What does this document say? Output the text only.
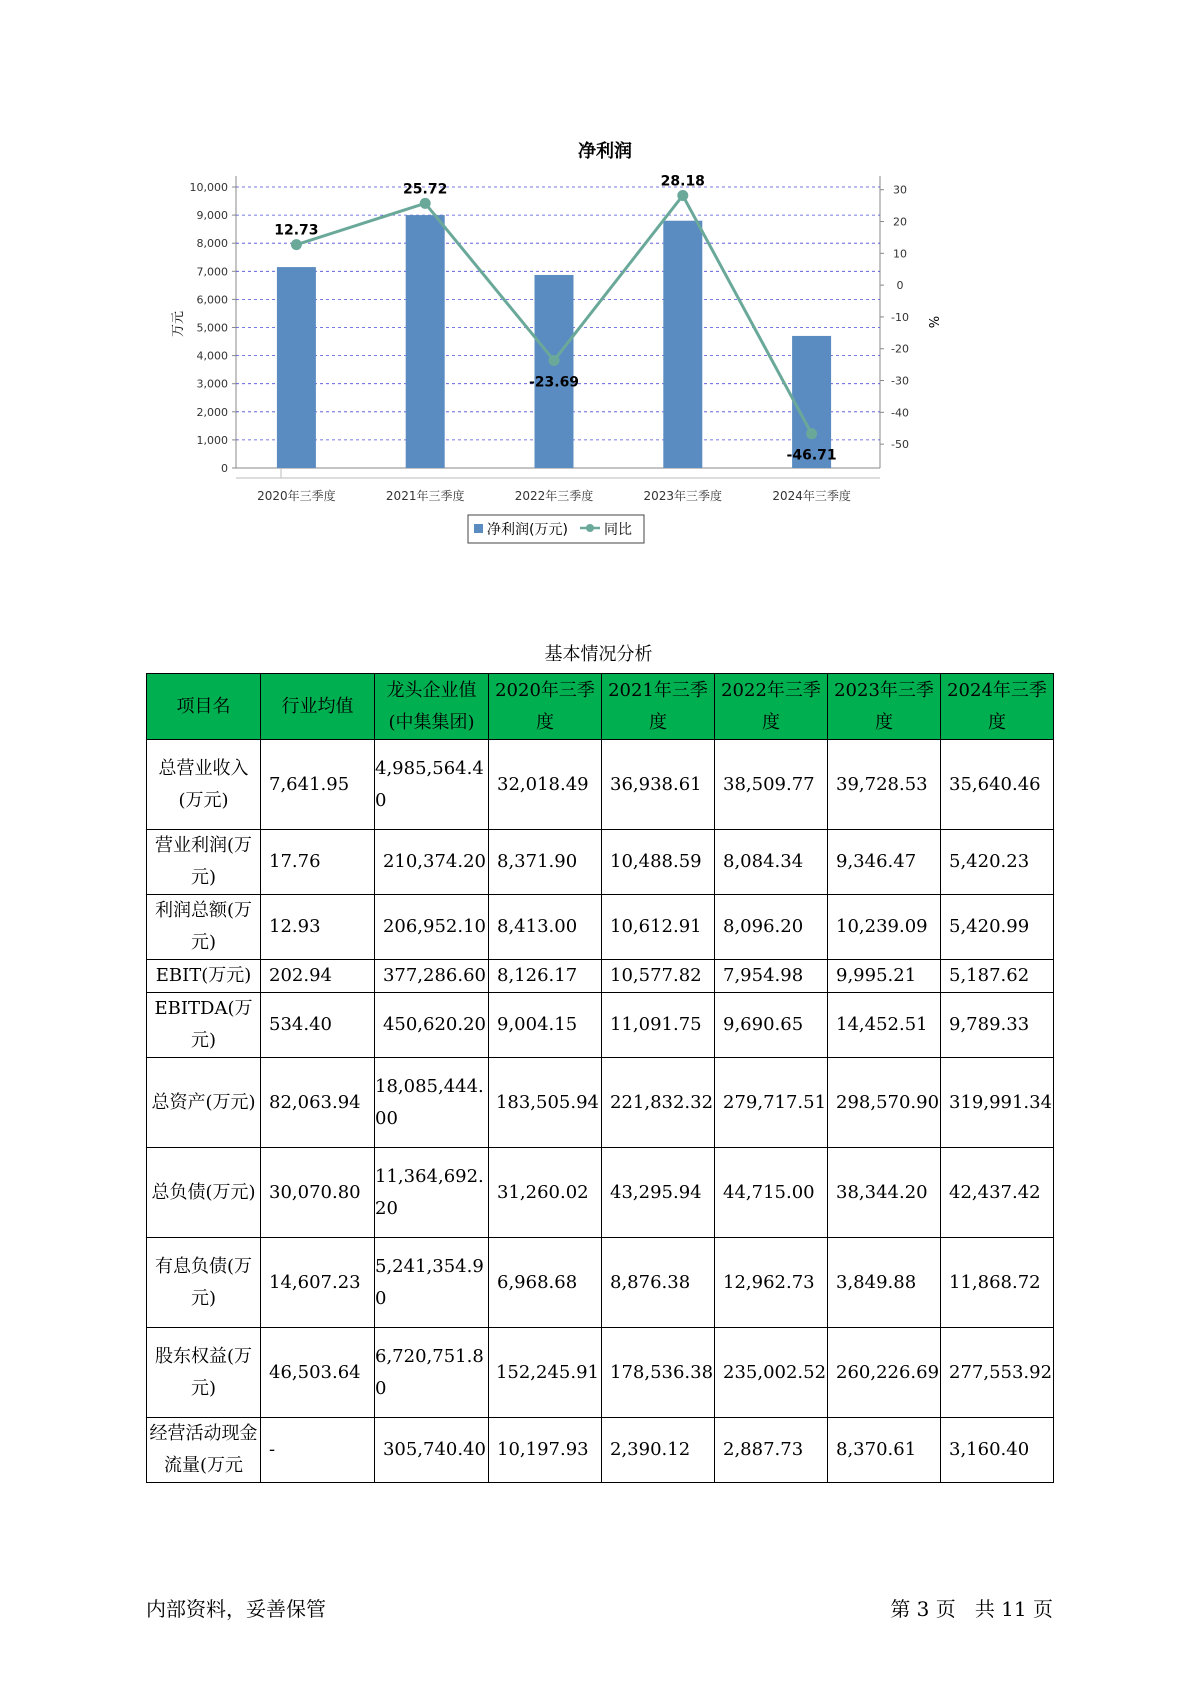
净利润
0
1,000
2,000
3,000
4,000
5,000
6,000
7,000
8,000
9,000
10,000	30
20
10
0
-10
-20
-30
-40
-50
万元	%
2020年三季度	2021年三季度	2022年三季度	2023年三季度	2024年三季度
12.73
25.72
-23.69
28.18
-46.71
净利润(万元)	同比
基本情况分析
项目名	行业均值	龙头企业值(中集集团)	2020年三季度	2021年三季度	2022年三季度	2023年三季度	2024年三季度
总营业收入(万元)	7,641.95	4,985,564.40	32,018.49	36,938.61	38,509.77	39,728.53	35,640.46
营业利润(万元)	17.76	210,374.20	8,371.90	10,488.59	8,084.34	9,346.47	5,420.23
利润总额(万元)	12.93	206,952.10	8,413.00	10,612.91	8,096.20	10,239.09	5,420.99
EBIT(万元)	202.94	377,286.60	8,126.17	10,577.82	7,954.98	9,995.21	5,187.62
EBITDA(万元)	534.40	450,620.20	9,004.15	11,091.75	9,690.65	14,452.51	9,789.33
总资产(万元)	82,063.94	18,085,444.00	183,505.94	221,832.32	279,717.51	298,570.90	319,991.34
总负债(万元)	30,070.80	11,364,692.20	31,260.02	43,295.94	44,715.00	38,344.20	42,437.42
有息负债(万元)	14,607.23	5,241,354.90	6,968.68	8,876.38	12,962.73	3,849.88	11,868.72
股东权益(万元)	46,503.64	6,720,751.80	152,245.91	178,536.38	235,002.52	260,226.69	277,553.92
经营活动现金流量(万元	-	305,740.40	10,197.93	2,390.12	2,887.73	8,370.61	3,160.40
内部资料，妥善保管	第 3 页   共 11 页
